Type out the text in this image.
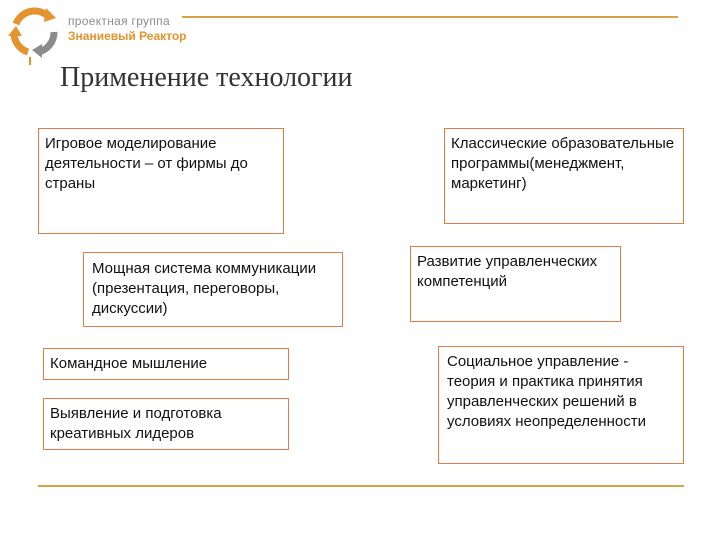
проектная группа
Знаниевый Реактор
Применение технологии
Игровое моделирование деятельности – от фирмы до страны
Мощная система коммуникации (презентация, переговоры, дискуссии)
Командное мышление
Выявление и подготовка креативных лидеров
Классические образовательные программы(менеджмент, маркетинг)
Развитие управленческих компетенций
Социальное управление - теория и практика принятия управленческих решений в условиях неопределенности
